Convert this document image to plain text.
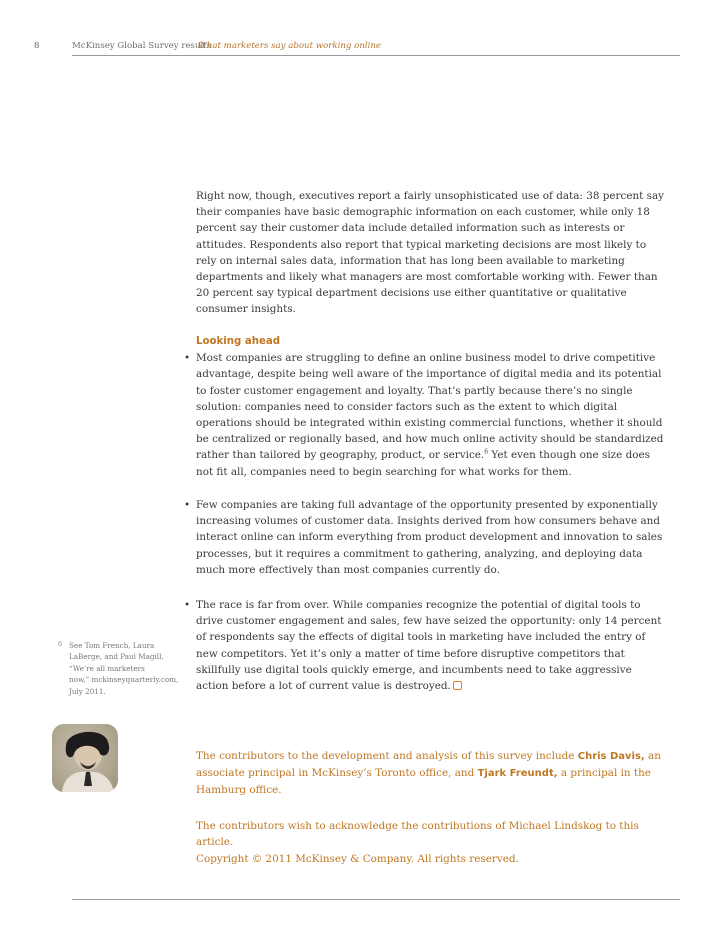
8	McKinsey Global Survey results
What marketers say about working online

Right now, though, executives report a fairly unsophisticated use of data: 38 percent say their companies have basic demographic information on each customer, while only 18 percent say their customer data include detailed information such as interests or attitudes. Respondents also report that typical marketing decisions are most likely to rely on internal sales data, information that has long been available to marketing departments and likely what managers are most comfortable working with. Fewer than 20 percent say typical department decisions use either quantitative or qualitative consumer insights.

Looking ahead

• Most companies are struggling to define an online business model to drive competitive advantage, despite being well aware of the importance of digital media and its potential to foster customer engagement and loyalty. That’s partly because there’s no single solution: companies need to consider factors such as the extent to which digital operations should be integrated within existing commercial functions, whether it should be centralized or regionally based, and how much online activity should be standardized rather than tailored by geography, product, or service.$^6$ Yet even though one size does not fit all, companies need to begin searching for what works for them.

• Few companies are taking full advantage of the opportunity presented by exponentially increasing volumes of customer data. Insights derived from how consumers behave and interact online can inform everything from product development and innovation to sales processes, but it requires a commitment to gathering, analyzing, and deploying data much more effectively than most companies currently do.

• The race is far from over. While companies recognize the potential of digital tools to drive customer engagement and sales, few have seized the opportunity: only 14 percent of respondents say the effects of digital tools in marketing have included the entry of new competitors. Yet it’s only a matter of time before disruptive competitors that skillfully use digital tools quickly emerge, and incumbents need to take aggressive action before a lot of current value is destroyed.

6 See Tom French, Laura
LaBerge, and Paul Magill,
“We’re all marketers
now,” mckinseyquarterly.com,
July 2011.

The contributors to the development and analysis of this survey include Chris Davis, an associate principal in McKinsey’s Toronto office, and Tjark Freundt, a principal in the Hamburg office.

The contributors wish to acknowledge the contributions of Michael Lindskog to this article.
Copyright © 2011 McKinsey & Company. All rights reserved.
